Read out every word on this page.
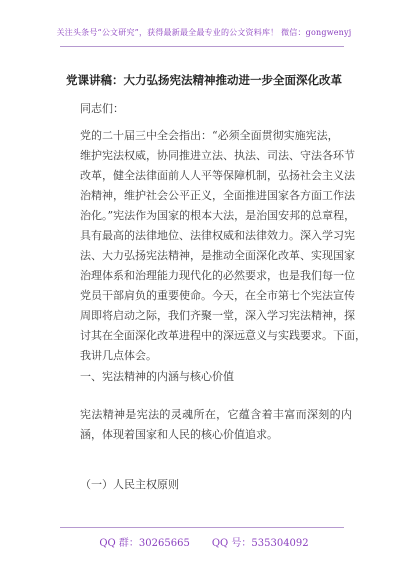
关注头条号“公文研究”，获得最新最全最专业的公文资料库！ 微信：gongwenyj
党课讲稿：大力弘扬宪法精神推动进一步全面深化改革
同志们：
党的二十届三中全会指出：“必须全面贯彻实施宪法，
维护宪法权威，协同推进立法、执法、司法、守法各环节
改革，健全法律面前人人平等保障机制，弘扬社会主义法
治精神，维护社会公平正义，全面推进国家各方面工作法
治化。”宪法作为国家的根本大法，是治国安邦的总章程，
具有最高的法律地位、法律权威和法律效力。深入学习宪
法、大力弘扬宪法精神，是推动全面深化改革、实现国家
治理体系和治理能力现代化的必然要求，也是我们每一位
党员干部肩负的重要使命。今天，在全市第七个宪法宣传
周即将启动之际，我们齐聚一堂，深入学习宪法精神，探
讨其在全面深化改革进程中的深远意义与实践要求。下面，
我讲几点体会。
一、宪法精神的内涵与核心价值
宪法精神是宪法的灵魂所在，它蕴含着丰富而深刻的内
涵，体现着国家和人民的核心价值追求。
（一）人民主权原则
QQ 群：30265665 QQ 号：535304092
